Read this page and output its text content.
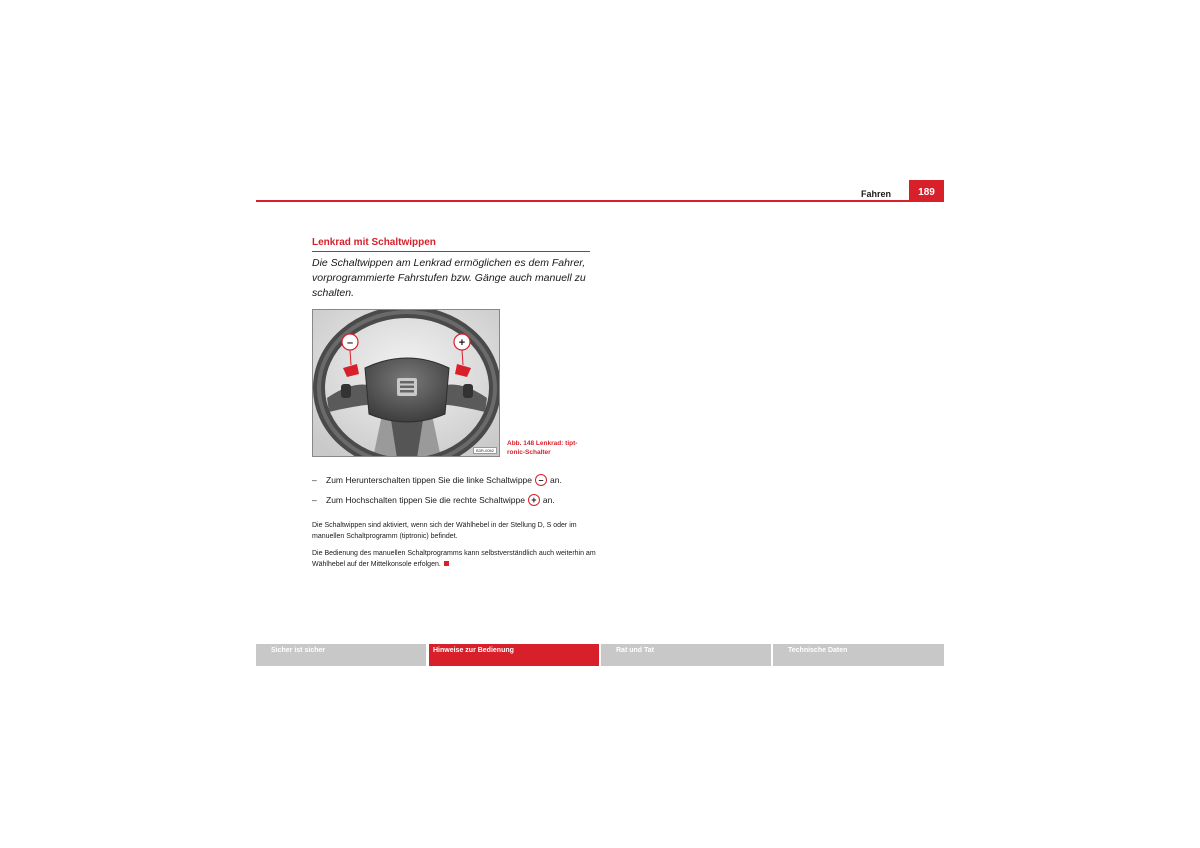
Fahren	189
Lenkrad mit Schaltwippen
Die Schaltwippen am Lenkrad ermöglichen es dem Fahrer, vorprogrammierte Fahrstufen bzw. Gänge auch manuell zu schalten.
–	+
B3R-0082
Abb. 148 Lenkrad: tipt-
ronic-Schalter
–	Zum Herunterschalten tippen Sie die linke Schaltwippe – an.
–	Zum Hochschalten tippen Sie die rechte Schaltwippe + an.
Die Schaltwippen sind aktiviert, wenn sich der Wählhebel in der Stellung D, S oder im manuellen Schaltprogramm (tiptronic) befindet.
Die Bedienung des manuellen Schaltprogramms kann selbstverständlich auch weiterhin am Wählhebel auf der Mittelkonsole erfolgen.
Sicher ist sicher	Hinweise zur Bedienung	Rat und Tat	Technische Daten
